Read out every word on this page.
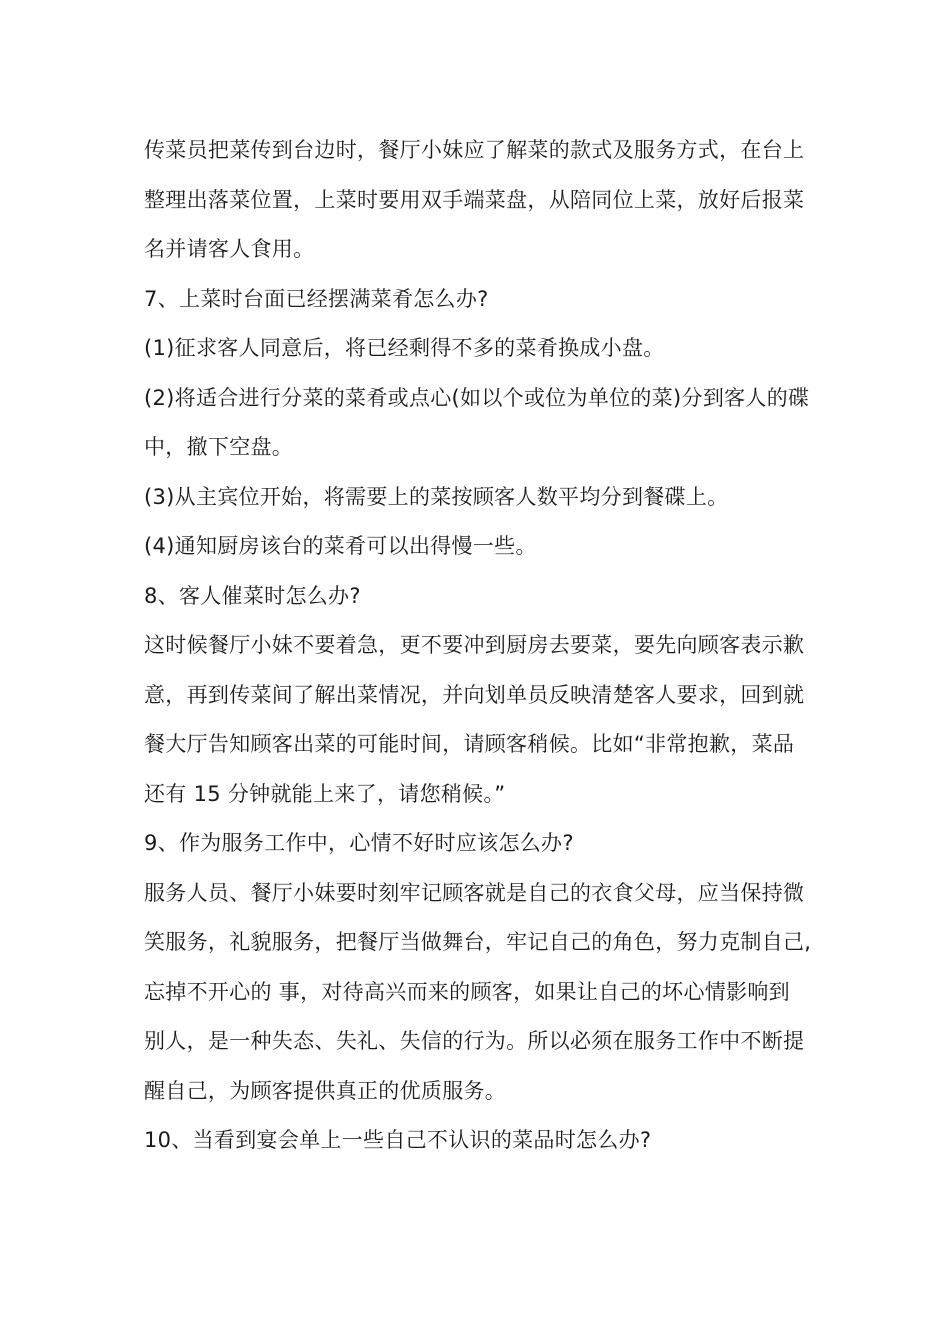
传菜员把菜传到台边时，餐厅小妹应了解菜的款式及服务方式，在台上
整理出落菜位置，上菜时要用双手端菜盘，从陪同位上菜，放好后报菜
名并请客人食用。

7、上菜时台面已经摆满菜肴怎么办?

(1)征求客人同意后，将已经剩得不多的菜肴换成小盘。

(2)将适合进行分菜的菜肴或点心(如以个或位为单位的菜)分到客人的碟
中，撤下空盘。

(3)从主宾位开始，将需要上的菜按顾客人数平均分到餐碟上。

(4)通知厨房该台的菜肴可以出得慢一些。

8、客人催菜时怎么办?

这时候餐厅小妹不要着急，更不要冲到厨房去要菜，要先向顾客表示歉
意，再到传菜间了解出菜情况，并向划单员反映清楚客人要求，回到就
餐大厅告知顾客出菜的可能时间，请顾客稍候。比如“非常抱歉，菜品
还有 15 分钟就能上来了，请您稍候。”

9、作为服务工作中，心情不好时应该怎么办?

服务人员、餐厅小妹要时刻牢记顾客就是自己的衣食父母，应当保持微
笑服务，礼貌服务，把餐厅当做舞台，牢记自己的角色，努力克制自己,
忘掉不开心的 事，对待高兴而来的顾客，如果让自己的坏心情影响到
别人，是一种失态、失礼、失信的行为。所以必须在服务工作中不断提
醒自己，为顾客提供真正的优质服务。

10、当看到宴会单上一些自己不认识的菜品时怎么办?
